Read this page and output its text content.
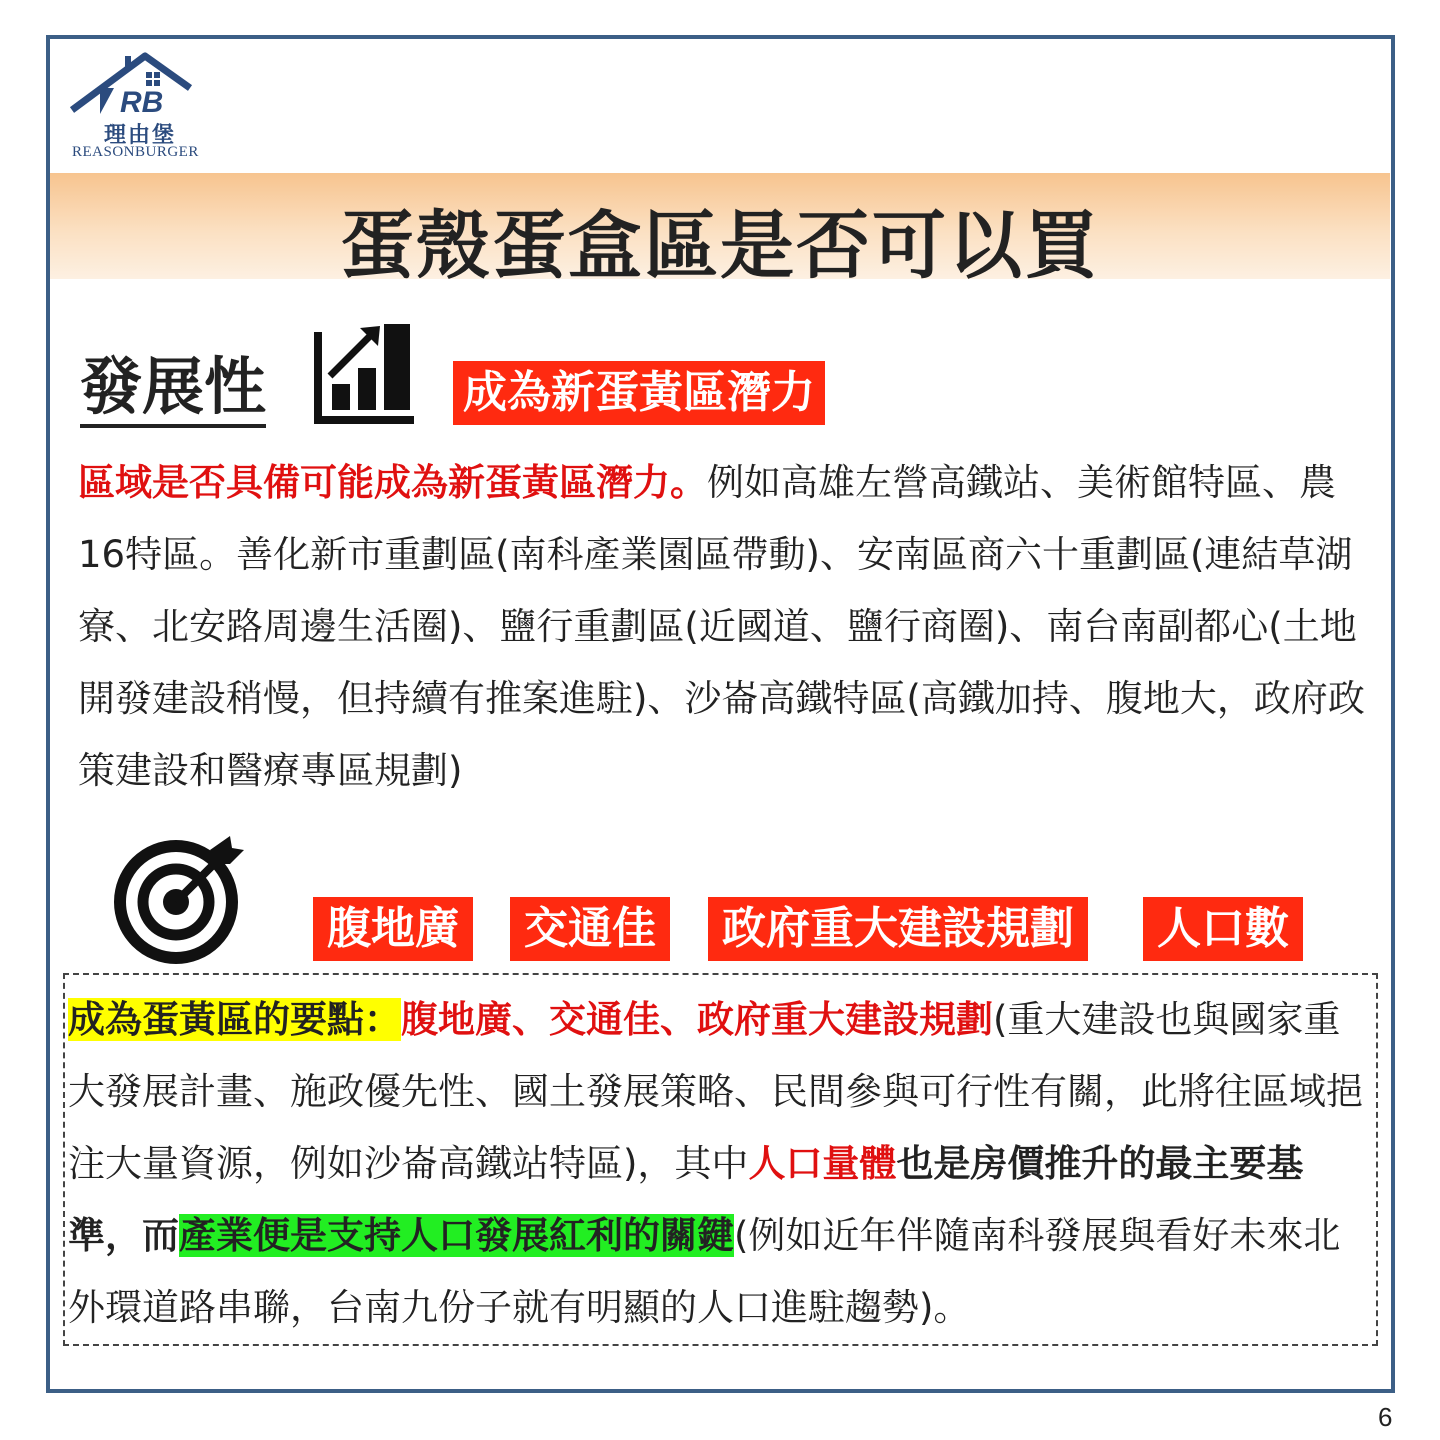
RB
理由堡
REASONBURGER
蛋殼蛋盒區是否可以買
發展性	成為新蛋黃區潛力
區域是否具備可能成為新蛋黃區潛力。例如高雄左營高鐵站、美術館特區、農16特區。善化新市重劃區(南科產業園區帶動)、安南區商六十重劃區(連結草湖寮、北安路周邊生活圈)、鹽行重劃區(近國道、鹽行商圈)、南台南副都心(土地開發建設稍慢，但持續有推案進駐)、沙崙高鐵特區(高鐵加持、腹地大，政府政策建設和醫療專區規劃)
腹地廣	交通佳	政府重大建設規劃	人口數
成為蛋黃區的要點：腹地廣、交通佳、政府重大建設規劃(重大建設也與國家重大發展計畫、施政優先性、國土發展策略、民間參與可行性有關，此將往區域挹注大量資源，例如沙崙高鐵站特區)，其中人口量體也是房價推升的最主要基準，而產業便是支持人口發展紅利的關鍵(例如近年伴隨南科發展與看好未來北外環道路串聯，台南九份子就有明顯的人口進駐趨勢)。
6
